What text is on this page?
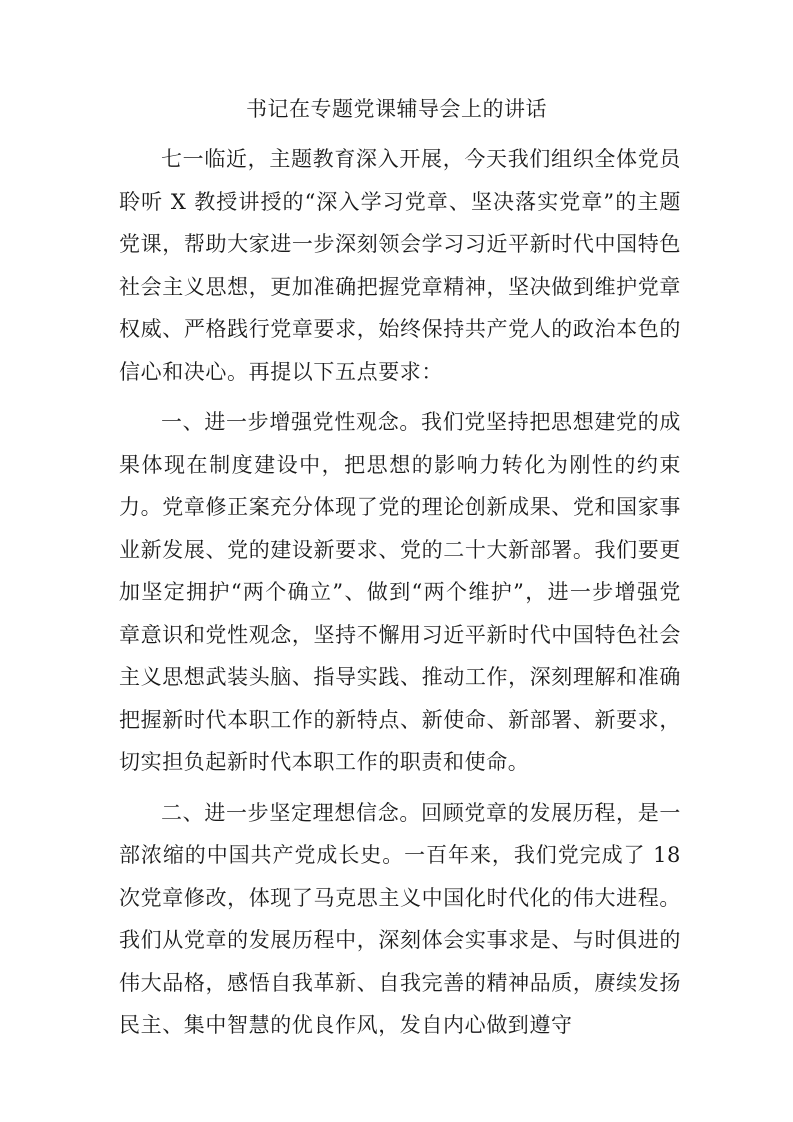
书记在专题党课辅导会上的讲话

七一临近，主题教育深入开展，今天我们组织全体党员聆听 X 教授讲授的“深入学习党章、坚决落实党章”的主题党课，帮助大家进一步深刻领会学习习近平新时代中国特色社会主义思想，更加准确把握党章精神，坚决做到维护党章权威、严格践行党章要求，始终保持共产党人的政治本色的信心和决心。再提以下五点要求：

一、进一步增强党性观念。我们党坚持把思想建党的成果体现在制度建设中，把思想的影响力转化为刚性的约束力。党章修正案充分体现了党的理论创新成果、党和国家事业新发展、党的建设新要求、党的二十大新部署。我们要更加坚定拥护“两个确立”、做到“两个维护”，进一步增强党章意识和党性观念，坚持不懈用习近平新时代中国特色社会主义思想武装头脑、指导实践、推动工作，深刻理解和准确把握新时代本职工作的新特点、新使命、新部署、新要求，切实担负起新时代本职工作的职责和使命。

二、进一步坚定理想信念。回顾党章的发展历程，是一部浓缩的中国共产党成长史。一百年来，我们党完成了 18 次党章修改，体现了马克思主义中国化时代化的伟大进程。我们从党章的发展历程中，深刻体会实事求是、与时俱进的伟大品格，感悟自我革新、自我完善的精神品质，赓续发扬民主、集中智慧的优良作风，发自内心做到遵守
